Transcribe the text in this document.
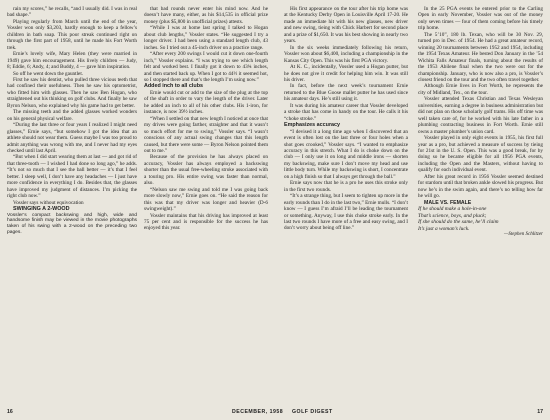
rain my scores,” he recalls, “and I usually did. I was in real bad shape.”

Playing regularly from March until the end of the year, Vossler won only $3,203, hardly enough to keep a fellow’s children in bath soap. This poor streak continued right on through the first part of 1958, until he made his Fort Worth trek.

Ernie’s lovely wife, Mary Helen (they were married in 1949) gave him encouragement. His lively children — Judy, 8; Eddie, 6; Andy, 4; and Buddy, 4 — gave him inspiration.

So off he went down the gauntlet.

First he saw his dentist, who pulled three vicious teeth that had confined their usefulness. Then he saw his optometrist, who fitted him with glasses. Then he saw Ben Hogan, who straightened out his thinking on golf clubs. And finally he saw Byron Nelson, who explained why his game had to get better.

The missing teeth and the added glasses worked wonders on his general physical welfare.

“During the last three or four years I realized I might need glasses,” Ernie says, “but somehow I got the idea that an athlete should not wear them. Guess maybe I was too proud to admit anything was wrong with me, and I never had my eyes checked until last April.

“But when I did start wearing them at last — and got rid of that three-tooth — I wished I had done so long ago,” he adds. “It’s not so much that I see the ball better — it’s that I feel better. I sleep well, I don’t have any headaches — I just have more confidence in everything I do. Besides that, the glasses have improved my judgment of distances. I’m picking the right club now.”

Vossler says without equivocation

SWINGING A 2-WOOD

Vossler’s compact backswing and high, wide and handsome finish may be viewed in the movie photographs taken of his swing with a 2-wood on the preceding two pages.

that bad rounds never enter his mind now. And he doesn’t have many, either, as his $14,535 in official prize money (plus $5,800 in unofficial prizes) attests.

“While I was at home last spring I talked to Hogan about club lengths,” Vossler states. “He suggested I try a longer driver. I had been using a standard length club, 43 inches. So I tried out a 45-inch driver on a practice range.

“After every 200 swings I would cut it down one-fourth inch,” Vossler explains. “I was trying to see which length felt and worked best. I finally got it down to 43¾ inches, and then started back up. When I got to 44½ it seemed hot, so I stopped there and that’s the length I’m using now.”

Added inch to all clubs

Ernie would cut or add to the size of the plug at the top of the shaft in order to vary the length of the driver. Later he added an inch to all of his other clubs. His 1-iron, for instance, is now 39½ inches.

“When I settled on that new length I noticed at once that my drives were going farther, straighter and that it wasn’t so much effort for me to swing,” Vossler says. “I wasn’t conscious of any actual swing changes that this length caused, but there were some — Byron Nelson pointed them out to me.”

Because of the provision he has always placed on accuracy, Vossler has always employed a backswing shorter than the usual free-wheeling stroke associated with a touring pro. His entire swing was faster than normal, also.

“Nelson saw me swing and told me I was going back more slowly now,” Ernie goes on. “He said the reason for this was that my driver was longer and heavier (D-6 swingweight).”

Vossler maintains that his driving has improved at least 75 per cent and is responsible for the success he has enjoyed this year.

His first appearance on the tour after his trip home was at the Kentucky Derby Open in Louisville April 17-20. He made an immediate hit with his new glasses, new driver and new swing, tieing with Chick Harbert for second place and a prize of $1,650. It was his best showing in nearly two years.

In the six weeks immediately following his return, Vossler won about $6,400, including a championship in the Kansas City Open. This was his first PGA victory.

At K. C., incidentally, Vossler used a Hogan putter, but he does not give it credit for helping him win. It was still his driver.

In fact, before the next week’s tournament Ernie returned to the Blue Goose mallet putter he has used since his amateur days. He’s still using it.

It was during his amateur career that Vossler developed a stroke that has come in handy on the tour. He calls it his “choke stroke.”

Emphasizes accuracy

“I devised it a long time ago when I discovered that an event is often lost on the last three or four holes when a shot goes crooked,” Vossler says. “I wanted to emphasize accuracy in this stretch. What I do is choke down on the club — I only use it on long and middle irons — shorten my backswing, make sure I don’t move my head and use little body turn. While my backswing is short, I concentrate on a high finish so that I always get through the ball.”

Ernie says now that he is a pro he uses this stroke only in the first two rounds.

“It’s a strange thing, but I seem to tighten up more in the early rounds than I do in the last two,” Ernie mulls. “I don’t know — I guess I’m afraid I’ll be leading the tournament or something. Anyway, I use this choke stroke early. In the last two rounds I have more of a free and easy swing, and I don’t worry about being off line.”

In the 25 PGA events he entered prior to the Carling Open in early November, Vossler was out of the money only seven times — four of them coming before his timely trip home.

The 5’10”, 180 lb. Texan, who will be 30 Nov. 29, turned pro in Dec. of 1954. He had a great amateur record, winning 20 tournaments between 1952 and 1954, including the 1954 Texas Amateur. He bested Don January in the ’54 Wichita Falls Amateur finals, turning about the results of the 1953 Abilene final when the two were out for the championship. January, who is now also a pro, is Vossler’s closest friend on the tour and the two often travel together.

Although Ernie lives in Fort Worth, he represents the city of Midland, Tex., on the tour.

Vossler attended Texas Christian and Texas Wesleyan universities, earning a degree in business administration but did not plan on those scholarly golf trams. His off time was well taken care of, for he worked with his late father in a plumbing contracting business in Fort Worth. Ernie still owns a master plumber’s union card.

Vossler played in only eight events in 1955, his first full year as a pro, but achieved a measure of success by tieing for 21st in the U. S. Open. This was a good break, for by doing so he became eligible for all 1956 PGA events, including the Open and the Masters, without having to qualify for each individual event.

After his great record in 1956 Vossler seemed destined for stardom until that broken ankle slowed his progress. But now he’s in the swim again, and there’s no telling how far he will go.

MALE VS. FEMALE

If he should make a hole-in-one

That’s science, boys, and pluck;

If she should do the same, he’ll claim

It’s just a woman’s luck.

—Stephen Schlitzer

16	DECEMBER, 1958 GOLF DIGEST	17
